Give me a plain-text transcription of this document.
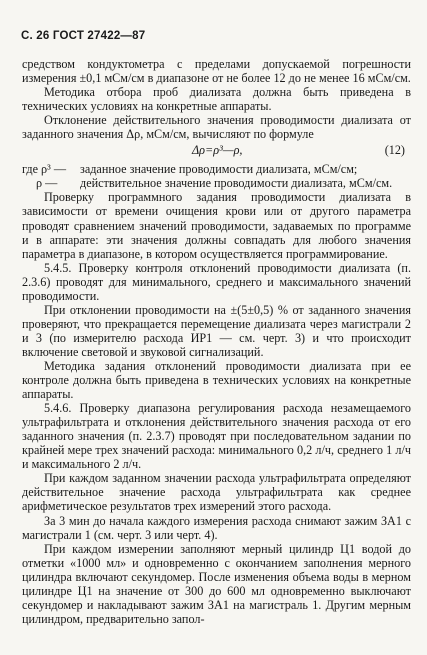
С. 26 ГОСТ 27422—87

средством кондуктометра с пределами допускаемой погрешности измерения ±0,1 мСм/см в диапазоне от не более 12 до не менее 16 мСм/см.

Методика отбора проб диализата должна быть приведена в технических условиях на конкретные аппараты.

Отклонение действительного значения проводимости диализата от заданного значения Δρ, мСм/см, вычисляют по формуле

Δρ=ρ³—ρ,	(12)
где ρ³ —	заданное значение проводимости диализата, мСм/см;
ρ —	действительное значение проводимости диализата, мСм/см.

Проверку программного задания проводимости диализата в зависимости от времени очищения крови или от другого параметра проводят сравнением значений проводимости, задаваемых по программе и в аппарате: эти значения должны совпадать для любого значения параметра в диапазоне, в котором осуществляется программирование.

5.4.5. Проверку контроля отклонений проводимости диализата (п. 2.3.6) проводят для минимального, среднего и максимального значений проводимости.

При отклонении проводимости на ±(5±0,5) % от заданного значения проверяют, что прекращается перемещение диализата через магистрали 2 и 3 (по измерителю расхода ИР1 — см. черт. 3) и что происходит включение световой и звуковой сигнализаций.

Методика задания отклонений проводимости диализата при ее контроле должна быть приведена в технических условиях на конкретные аппараты.

5.4.6. Проверку диапазона регулирования расхода незамещаемого ультрафильтрата и отклонения действительного значения расхода от его заданного значения (п. 2.3.7) проводят при последовательном задании по крайней мере трех значений расхода: минимального 0,2 л/ч, среднего 1 л/ч и максимального 2 л/ч.

При каждом заданном значении расхода ультрафильтрата определяют действительное значение расхода ультрафильтрата как среднее арифметическое результатов трех измерений этого расхода.

За 3 мин до начала каждого измерения расхода снимают зажим ЗА1 с магистрали 1 (см. черт. 3 или черт. 4).

При каждом измерении заполняют мерный цилиндр Ц1 водой до отметки «1000 мл» и одновременно с окончанием заполнения мерного цилиндра включают секундомер. После изменения объема воды в мерном цилиндре Ц1 на значение от 300 до 600 мл одновременно выключают секундомер и накладывают зажим ЗА1 на магистраль 1. Другим мерным цилиндром, предварительно запол-
